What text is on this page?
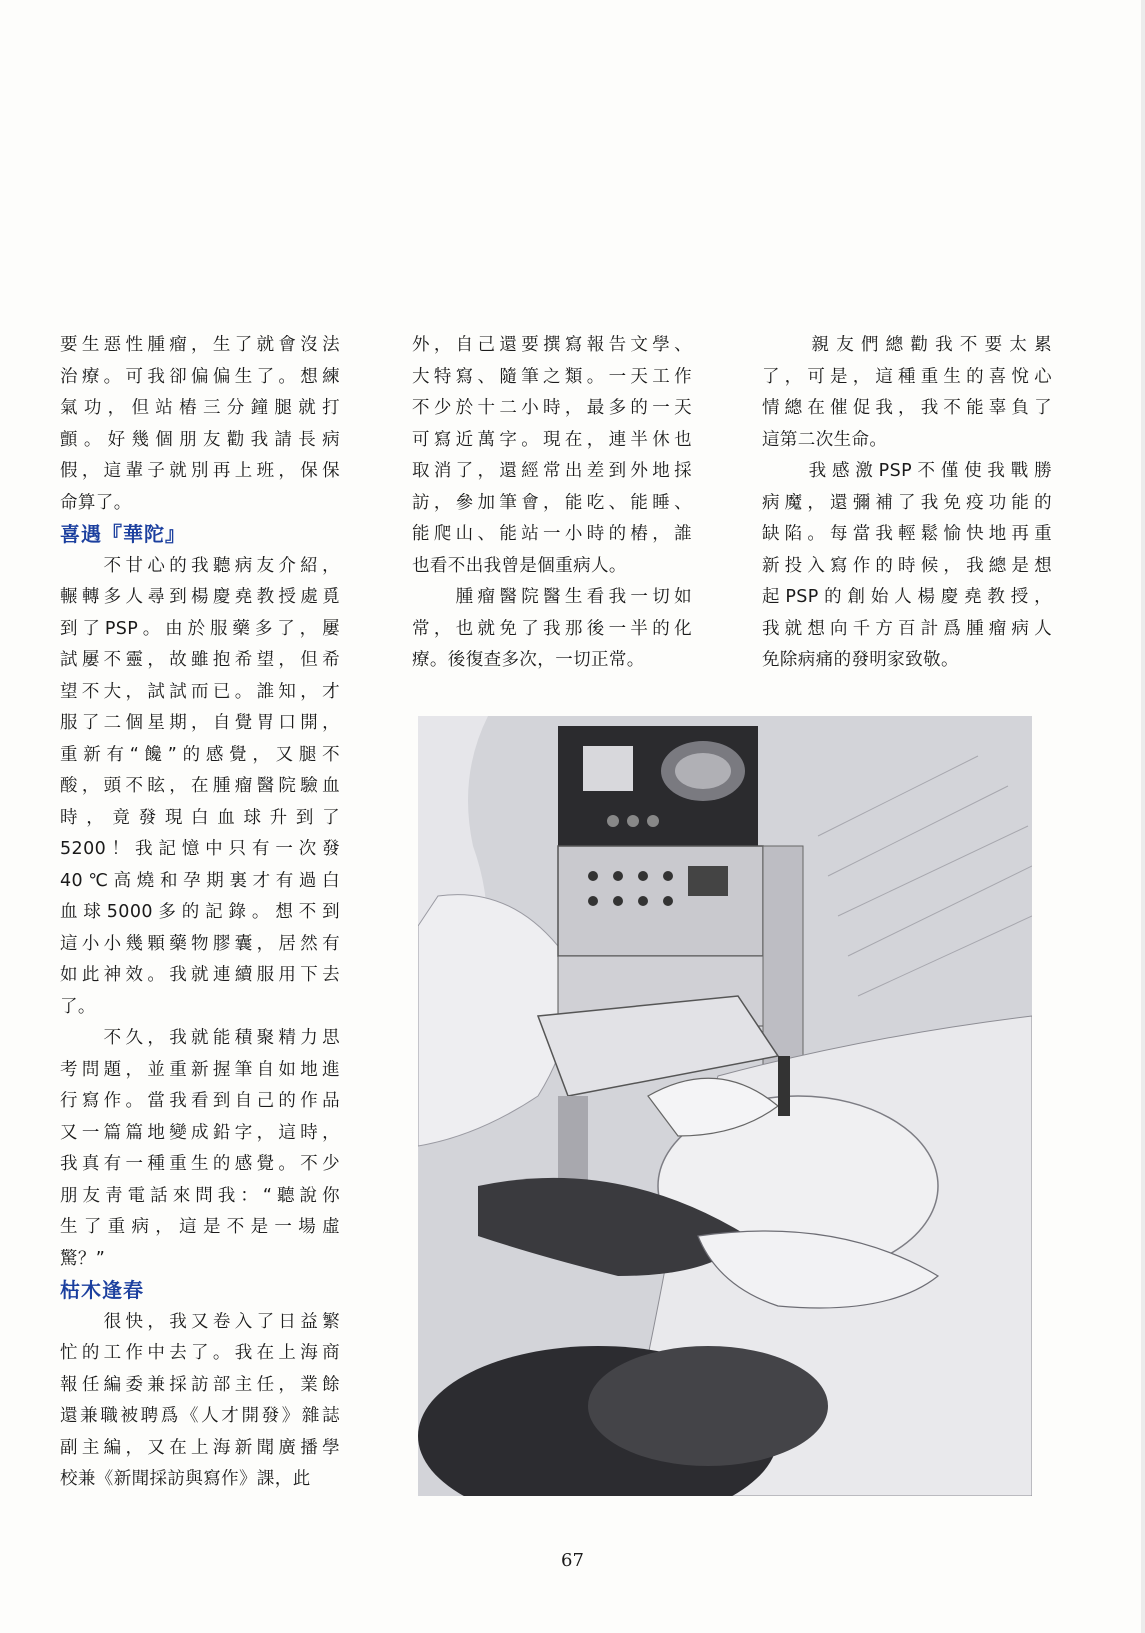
要生惡性腫瘤，生了就會沒法
治療。可我卻偏偏生了。想練
氣功，但站樁三分鐘腿就打
顫。好幾個朋友勸我請長病
假，這輩子就別再上班，保保
命算了。
喜遇『華陀』
　　不甘心的我聽病友介紹，
輾轉多人尋到楊慶堯教授處覓
到了PSP。由於服藥多了，屢
試屢不靈，故雖抱希望，但希
望不大，試試而已。誰知，才
服了二個星期，自覺胃口開，
重新有“饞”的感覺，又腿不
酸，頭不眩，在腫瘤醫院驗血
時，竟發現白血球升到了
5200！我記憶中只有一次發
40℃高燒和孕期裏才有過白
血球5000多的記錄。想不到
這小小幾顆藥物膠囊，居然有
如此神效。我就連續服用下去
了。
　　不久，我就能積聚精力思
考問題，並重新握筆自如地進
行寫作。當我看到自己的作品
又一篇篇地變成鉛字，這時，
我真有一種重生的感覺。不少
朋友靑電話來問我：“聽說你
生了重病，這是不是一場虛
驚？”
枯木逢春
　　很快，我又卷入了日益繁
忙的工作中去了。我在上海商
報任編委兼採訪部主任，業餘
還兼職被聘爲《人才開發》雜誌
副主編，又在上海新聞廣播學
校兼《新聞採訪與寫作》課，此
外，自己還要撰寫報告文學、
大特寫、隨筆之類。一天工作
不少於十二小時，最多的一天
可寫近萬字。現在，連半休也
取消了，還經常出差到外地採
訪，參加筆會，能吃、能睡、
能爬山、能站一小時的樁，誰
也看不出我曾是個重病人。
　　腫瘤醫院醫生看我一切如
常，也就免了我那後一半的化
療。後復查多次，一切正常。
　　親友們總勸我不要太累
了，可是，這種重生的喜悅心
情總在催促我，我不能辜負了
這第二次生命。
　　我感激PSP不僅使我戰勝
病魔，還彌補了我免疫功能的
缺陷。每當我輕鬆愉快地再重
新投入寫作的時候，我總是想
起PSP的創始人楊慶堯教授，
我就想向千方百計爲腫瘤病人
免除病痛的發明家致敬。
67
